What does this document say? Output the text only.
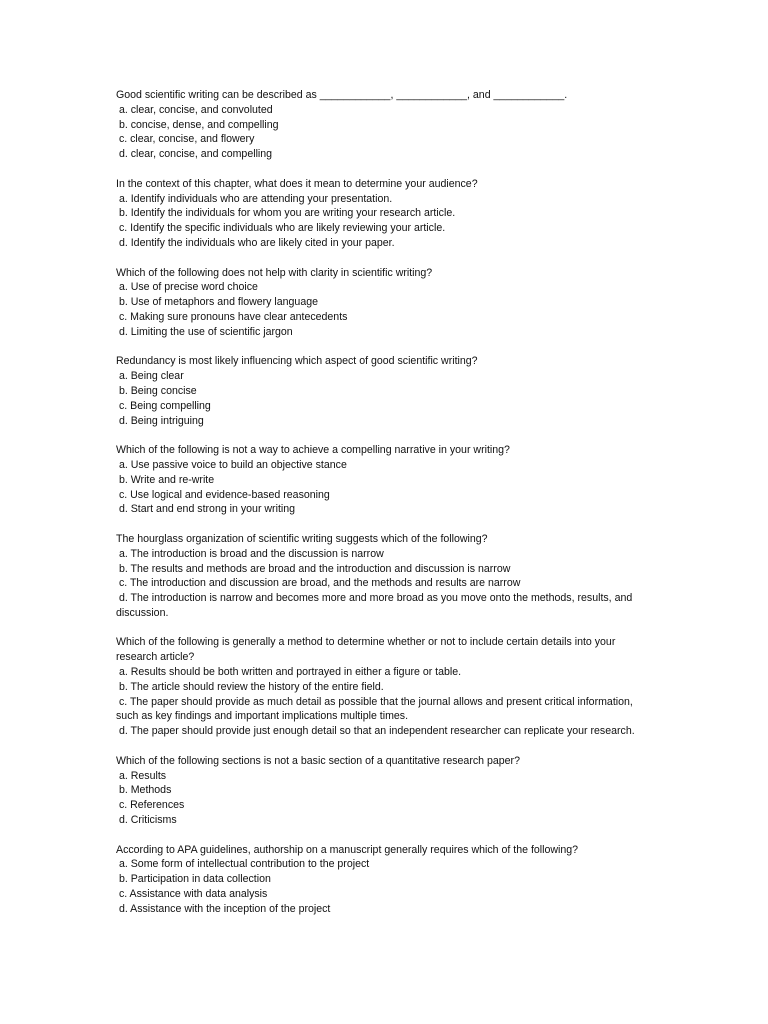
Good scientific writing can be described as ____________, ____________, and ____________.
a. clear, concise, and convoluted
b. concise, dense, and compelling
c. clear, concise, and flowery
d. clear, concise, and compelling
In the context of this chapter, what does it mean to determine your audience?
a. Identify individuals who are attending your presentation.
b. Identify the individuals for whom you are writing your research article.
c. Identify the specific individuals who are likely reviewing your article.
d. Identify the individuals who are likely cited in your paper.
Which of the following does not help with clarity in scientific writing?
a. Use of precise word choice
b. Use of metaphors and flowery language
c. Making sure pronouns have clear antecedents
d. Limiting the use of scientific jargon
Redundancy is most likely influencing which aspect of good scientific writing?
a. Being clear
b. Being concise
c. Being compelling
d. Being intriguing
Which of the following is not a way to achieve a compelling narrative in your writing?
a. Use passive voice to build an objective stance
b. Write and re-write
c. Use logical and evidence-based reasoning
d. Start and end strong in your writing
The hourglass organization of scientific writing suggests which of the following?
a. The introduction is broad and the discussion is narrow
b. The results and methods are broad and the introduction and discussion is narrow
c. The introduction and discussion are broad, and the methods and results are narrow
d. The introduction is narrow and becomes more and more broad as you move onto the methods, results, and discussion.
Which of the following is generally a method to determine whether or not to include certain details into your research article?
a. Results should be both written and portrayed in either a figure or table.
b. The article should review the history of the entire field.
c. The paper should provide as much detail as possible that the journal allows and present critical information, such as key findings and important implications multiple times.
d. The paper should provide just enough detail so that an independent researcher can replicate your research.
Which of the following sections is not a basic section of a quantitative research paper?
a. Results
b. Methods
c. References
d. Criticisms
According to APA guidelines, authorship on a manuscript generally requires which of the following?
a. Some form of intellectual contribution to the project
b. Participation in data collection
c. Assistance with data analysis
d. Assistance with the inception of the project
